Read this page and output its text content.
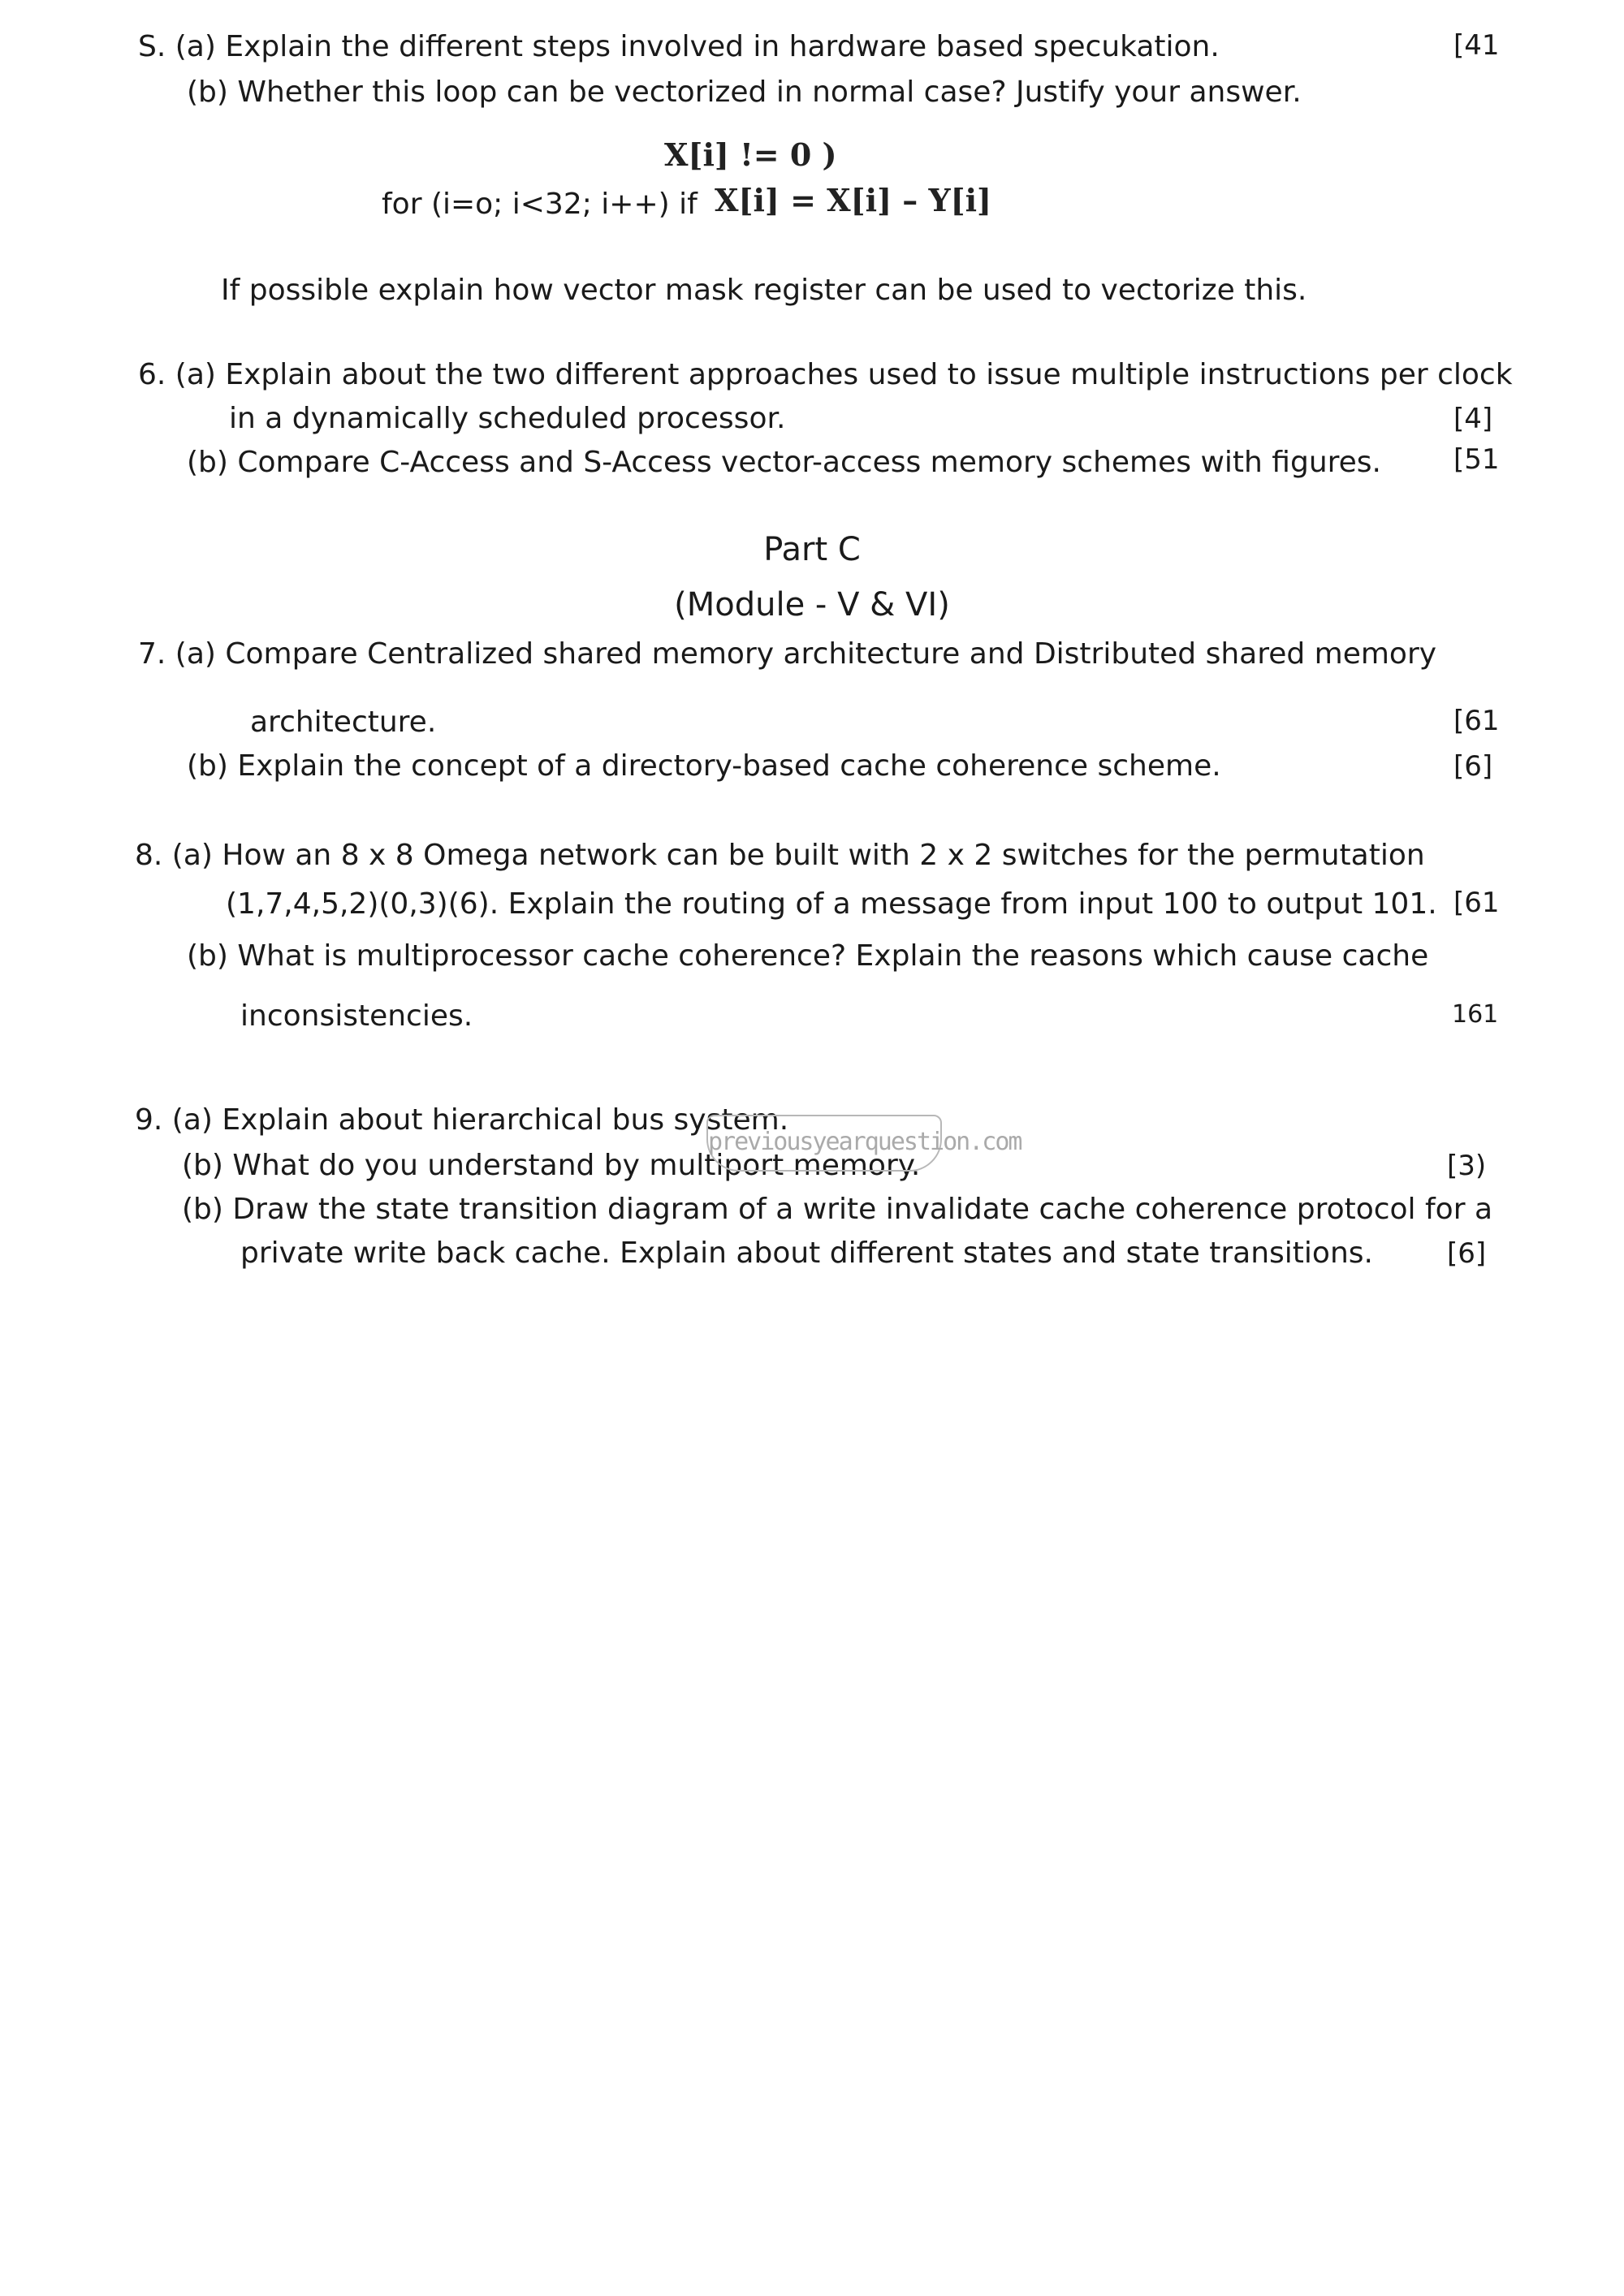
S. (a) Explain the different steps involved in hardware based specukation.	[41
(b) Whether this loop can be vectorized in normal case? Justify your answer.
X[i] != 0 )
for (i=o; i<32; i++) if X[i] = X[i] – Y[i]
If possible explain how vector mask register can be used to vectorize this.
6. (a) Explain about the two different approaches used to issue multiple instructions per clock
in a dynamically scheduled processor.	[4]
(b) Compare C-Access and S-Access vector-access memory schemes with figures.	[51
Part C
(Module - V & VI)
7. (a) Compare Centralized shared memory architecture and Distributed shared memory
architecture.	[61
(b) Explain the concept of a directory-based cache coherence scheme.	[6]
8. (a) How an 8 x 8 Omega network can be built with 2 x 2 switches for the permutation
(1,7,4,5,2)(0,3)(6). Explain the routing of a message from input 100 to output 101. [61
(b) What is multiprocessor cache coherence? Explain the reasons which cause cache
inconsistencies.	161
9. (a) Explain about hierarchical bus system.
(b) What do you understand by multiport memory.	[3)
(b) Draw the state transition diagram of a write invalidate cache coherence protocol for a
private write back cache. Explain about different states and state transitions.	[6]
previousyearquestion.com
